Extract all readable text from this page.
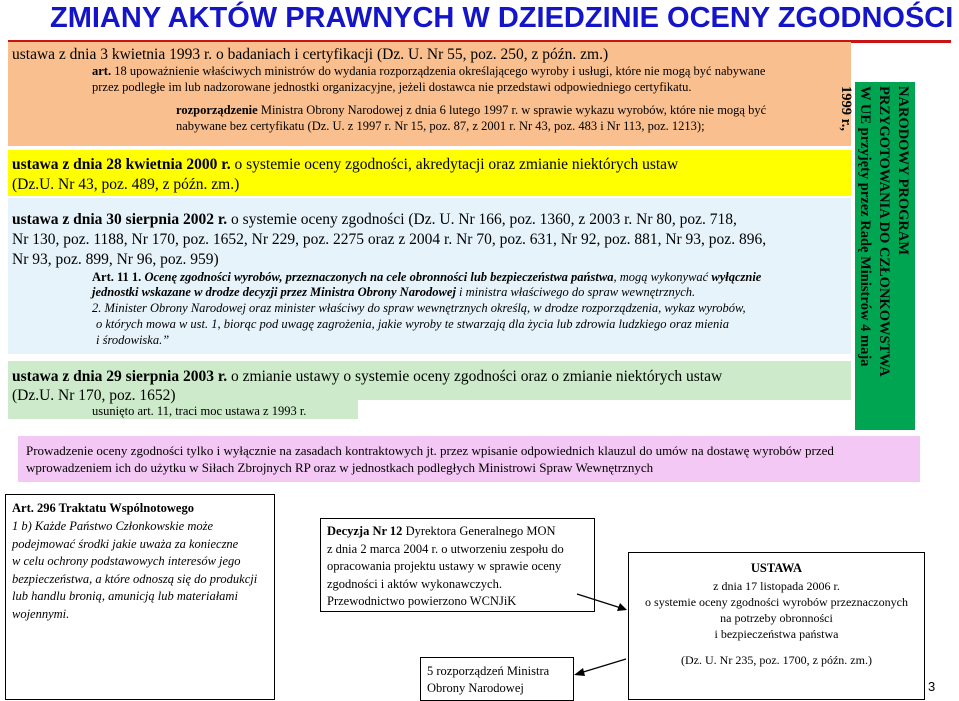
ZMIANY AKTÓW PRAWNYCH W DZIEDZINIE OCENY ZGODNOŚCI
ustawa z dnia 3 kwietnia 1993 r. o badaniach i certyfikacji (Dz. U. Nr 55, poz. 250, z późn. zm.)
art. 18 upoważnienie właściwych ministrów do wydania rozporządzenia określającego wyroby i usługi, które nie mogą być nabywane
przez podległe im lub nadzorowane jednostki organizacyjne, jeżeli dostawca nie przedstawi odpowiedniego certyfikatu.
rozporządzenie Ministra Obrony Narodowej z dnia 6 lutego 1997 r. w sprawie wykazu wyrobów, które nie mogą być
nabywane bez certyfikatu (Dz. U. z 1997 r. Nr 15, poz. 87, z 2001 r. Nr 43, poz. 483 i Nr 113, poz. 1213);
ustawa z dnia 28 kwietnia 2000 r. o systemie oceny zgodności, akredytacji oraz zmianie niektórych ustaw
(Dz.U. Nr 43, poz. 489, z późn. zm.)
ustawa z dnia 30 sierpnia 2002 r. o systemie oceny zgodności (Dz. U. Nr 166, poz. 1360, z 2003 r. Nr 80, poz. 718,
Nr 130, poz. 1188, Nr 170, poz. 1652, Nr 229, poz. 2275 oraz z 2004 r. Nr 70, poz. 631, Nr 92, poz. 881, Nr 93, poz. 896,
Nr 93, poz. 899, Nr 96, poz. 959)
Art. 11 1. Ocenę zgodności wyrobów, przeznaczonych na cele obronności lub bezpieczeństwa państwa, mogą wykonywać wyłącznie
jednostki wskazane w drodze decyzji przez Ministra Obrony Narodowej i ministra właściwego do spraw wewnętrznych.
2. Minister Obrony Narodowej oraz minister właściwy do spraw wewnętrznych określą, w drodze rozporządzenia, wykaz wyrobów,
o których mowa w ust. 1, biorąc pod uwagę zagrożenia, jakie wyroby te stwarzają dla życia lub zdrowia ludzkiego oraz mienia
i środowiska.”
ustawa z dnia 29 sierpnia 2003 r. o zmianie ustawy o systemie oceny zgodności oraz o zmianie niektórych ustaw
(Dz.U. Nr 170, poz. 1652)
usunięto art. 11, traci moc ustawa z 1993 r.
NARODOWY PROGRAM
PRZYGOTOWANIA DO CZŁONKOWSTWA
W UE przyjęty przez Radę Ministrów 4 maja
1999 r.,
Prowadzenie oceny zgodności tylko i wyłącznie na zasadach kontraktowych jt. przez wpisanie odpowiednich klauzul do umów na dostawę wyrobów przed
wprowadzeniem ich do użytku w Siłach Zbrojnych RP oraz w jednostkach podległych Ministrowi Spraw Wewnętrznych
Art. 296 Traktatu Wspólnotowego
1 b) Każde Państwo Członkowskie może
podejmować środki jakie uważa za konieczne
w celu ochrony podstawowych interesów jego
bezpieczeństwa, a które odnoszą się do produkcji
lub handlu bronią, amunicją lub materiałami
wojennymi.
Decyzja Nr 12 Dyrektora Generalnego MON
z dnia 2 marca 2004 r. o utworzeniu zespołu do
opracowania projektu ustawy w sprawie oceny
zgodności i aktów wykonawczych.
Przewodnictwo powierzono WCNJiK
USTAWA
z dnia 17 listopada 2006 r.
o systemie oceny zgodności wyrobów przeznaczonych
na potrzeby obronności
i bezpieczeństwa państwa
(Dz. U. Nr 235, poz. 1700, z późn. zm.)
5 rozporządzeń Ministra
Obrony Narodowej	3
